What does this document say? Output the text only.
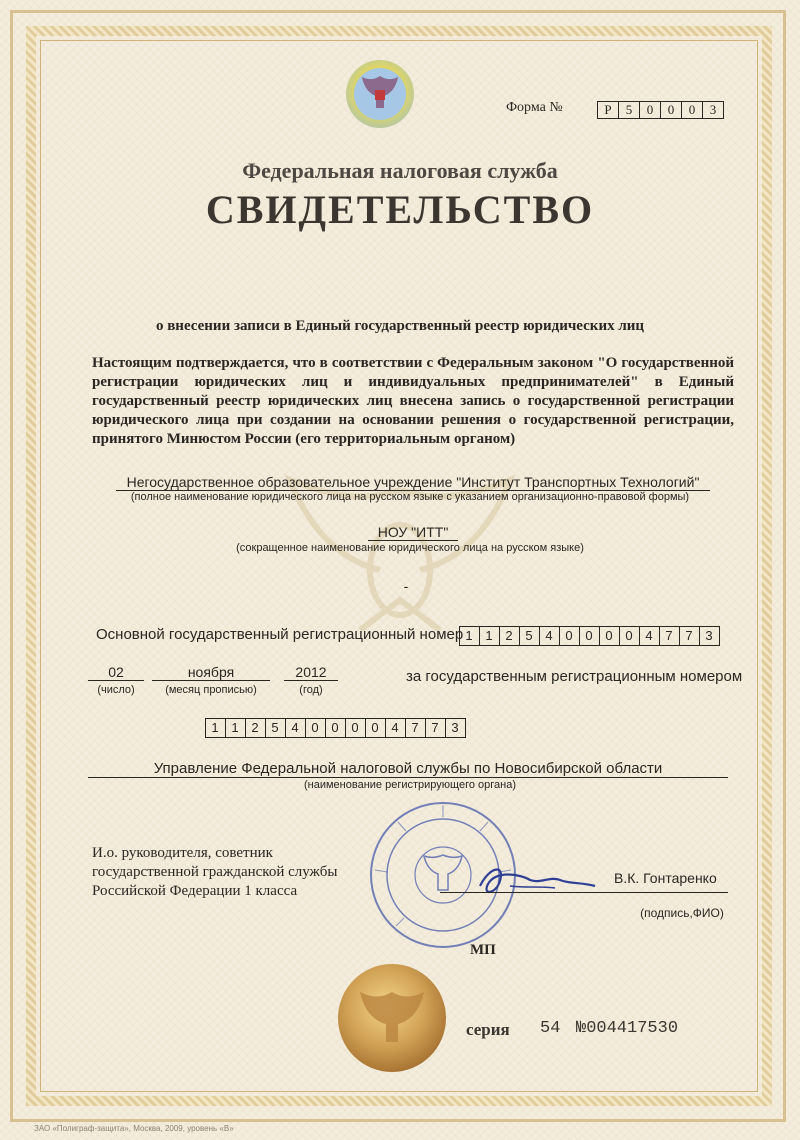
Форма №	Р	5	0	0	0	3
Федеральная налоговая служба
СВИДЕТЕЛЬСТВО
о внесении записи в Единый государственный реестр юридических лиц
Настоящим подтверждается, что в соответствии с Федеральным законом "О государственной регистрации юридических лиц и индивидуальных предпринимателей" в Единый государственный реестр юридических лиц внесена запись о государственной регистрации юридического лица при создании на основании решения о государственной регистрации, принятого Минюстом России (его территориальным органом)
Негосударственное образовательное учреждение "Институт Транспортных Технологий"
(полное наименование юридического лица на русском языке с указанием организационно-правовой формы)
НОУ "ИТТ"
(сокращенное наименование юридического лица на русском языке)
-
Основной государственный регистрационный номер 1 1 2 5 4 0 0 0 0 4 7 7 3
02
(число)
ноября
(месяц прописью)
2012
(год)
за государственным регистрационным номером
1 1 2 5 4 0 0 0 0 4 7 7 3
Управление Федеральной налоговой службы по Новосибирской области
(наименование регистрирующего органа)
И.о. руководителя, советник
государственной гражданской службы
Российской Федерации 1 класса
В.К. Гонтаренко
(подпись,ФИО)
МП
серия 54 №004417530
ЗАО «Полиграф-защита», Москва, 2009, уровень «В»
